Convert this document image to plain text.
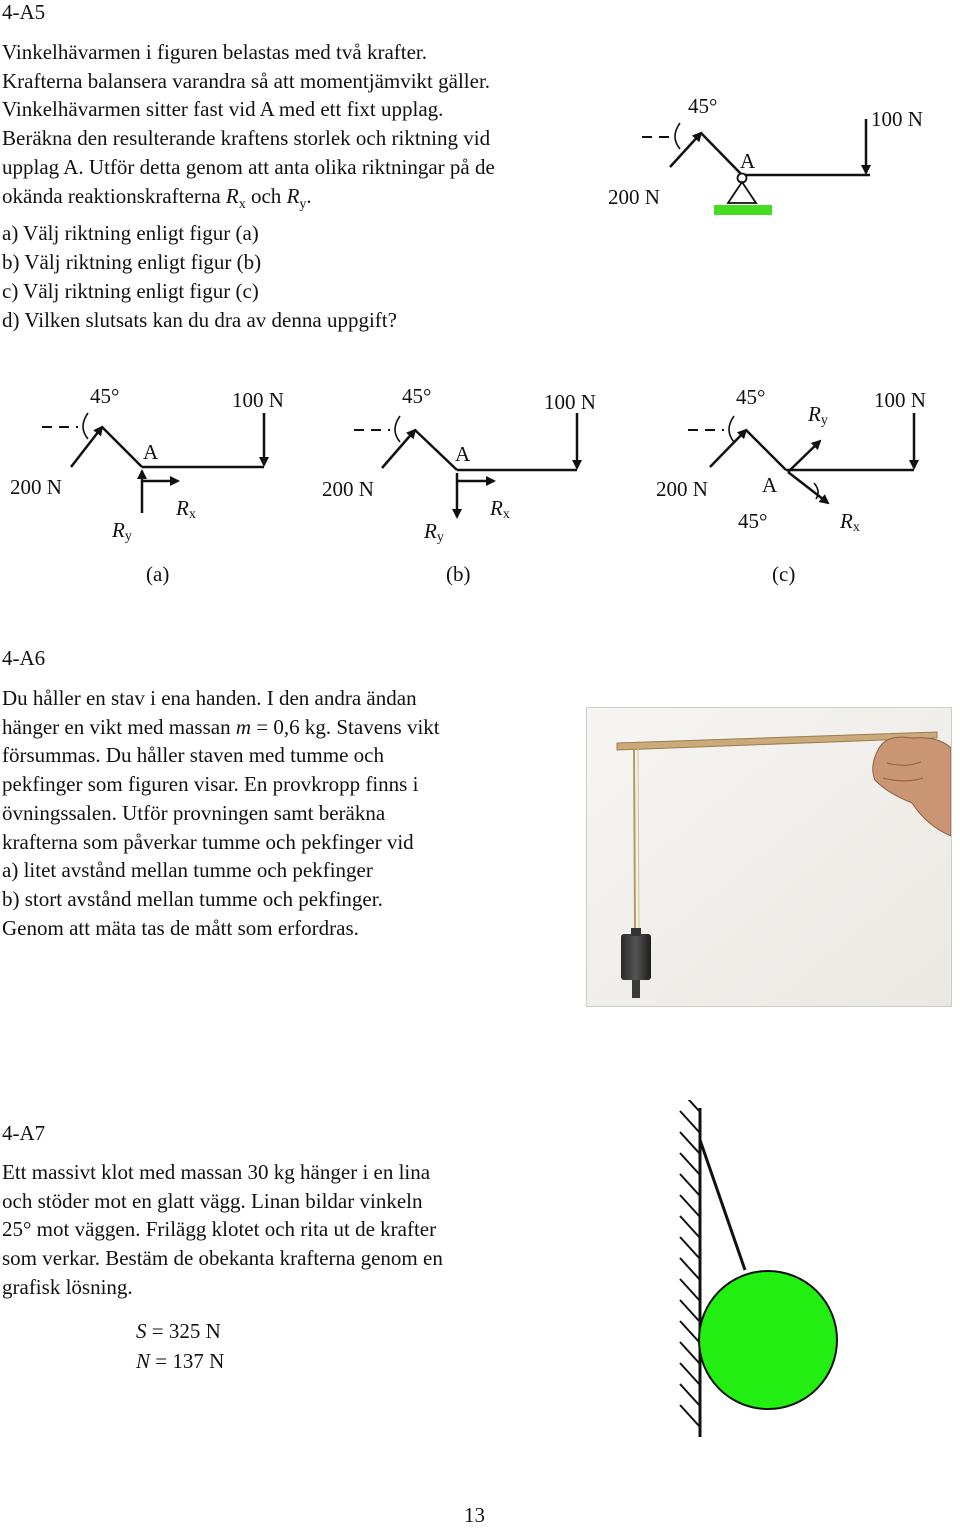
4-A5

Vinkelhävarmen i figuren belastas med två krafter.

Krafterna balansera varandra så att momentjämvikt gäller.

Vinkelhävarmen sitter fast vid A med ett fixt upplag.

Beräkna den resulterande kraftens storlek och riktning vid

upplag A. Utför detta genom att anta olika riktningar på de

okända reaktionskrafterna $R_x$ och $R_y$.

a) Välj riktning enligt figur (a)

b) Välj riktning enligt figur (b)

c) Välj riktning enligt figur (c)

d) Vilken slutsats kan du dra av denna uppgift?

45°
A
200 N
100 N
45°	100 N
A
200 N
Rx
Ry
(a)
45°	100 N
A
200 N
Rx
Ry
(b)
45°	100 N
A
200 N
45°
Ry
Rx
(c)
4-A6

Du håller en stav i ena handen. I den andra ändan

hänger en vikt med massan m = 0,6 kg. Stavens vikt

försummas. Du håller staven med tumme och

pekfinger som figuren visar. En provkropp finns i

övningssalen. Utför provningen samt beräkna

krafterna som påverkar tumme och pekfinger vid

a) litet avstånd mellan tumme och pekfinger

b) stort avstånd mellan tumme och pekfinger.

Genom att mäta tas de mått som erfordras.

4-A7

Ett massivt klot med massan 30 kg hänger i en lina

och stöder mot en glatt vägg. Linan bildar vinkeln

25° mot väggen. Frilägg klotet och rita ut de krafter

som verkar. Bestäm de obekanta krafterna genom en

grafisk lösning.

S = 325 N
N = 137 N
13
